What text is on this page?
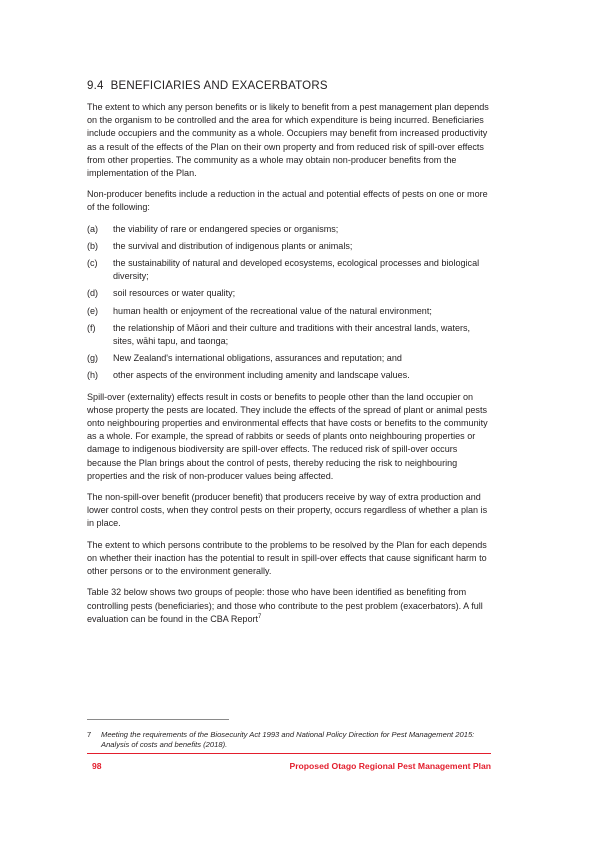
9.4 BENEFICIARIES AND EXACERBATORS

The extent to which any person benefits or is likely to benefit from a pest management plan depends on the organism to be controlled and the area for which expenditure is being incurred. Beneficiaries include occupiers and the community as a whole. Occupiers may benefit from increased productivity as a result of the effects of the Plan on their own property and from reduced risk of spill-over effects from other properties. The community as a whole may obtain non-producer benefits from the implementation of the Plan.

Non-producer benefits include a reduction in the actual and potential effects of pests on one or more of the following:

(a) the viability of rare or endangered species or organisms;
(b) the survival and distribution of indigenous plants or animals;
(c) the sustainability of natural and developed ecosystems, ecological processes and biological diversity;
(d) soil resources or water quality;
(e) human health or enjoyment of the recreational value of the natural environment;
(f) the relationship of Māori and their culture and traditions with their ancestral lands, waters, sites, wāhi tapu, and taonga;
(g) New Zealand's international obligations, assurances and reputation; and
(h) other aspects of the environment including amenity and landscape values.

Spill-over (externality) effects result in costs or benefits to people other than the land occupier on whose property the pests are located. They include the effects of the spread of plant or animal pests onto neighbouring properties and environmental effects that have costs or benefits to the community as a whole. For example, the spread of rabbits or seeds of plants onto neighbouring properties or damage to indigenous biodiversity are spill-over effects. The reduced risk of spill-over occurs because the Plan brings about the control of pests, thereby reducing the risk to neighbouring properties and the risk of non-producer values being affected.

The non-spill-over benefit (producer benefit) that producers receive by way of extra production and lower control costs, when they control pests on their property, occurs regardless of whether a plan is in place.

The extent to which persons contribute to the problems to be resolved by the Plan for each depends on whether their inaction has the potential to result in spill-over effects that cause significant harm to other persons or to the environment generally.

Table 32 below shows two groups of people: those who have been identified as benefiting from controlling pests (beneficiaries); and those who contribute to the pest problem (exacerbators). A full evaluation can be found in the CBA Report$^7$

7	Meeting the requirements of the Biosecurity Act 1993 and National Policy Direction for Pest Management 2015: Analysis of costs and benefits (2018).
98	Proposed Otago Regional Pest Management Plan
